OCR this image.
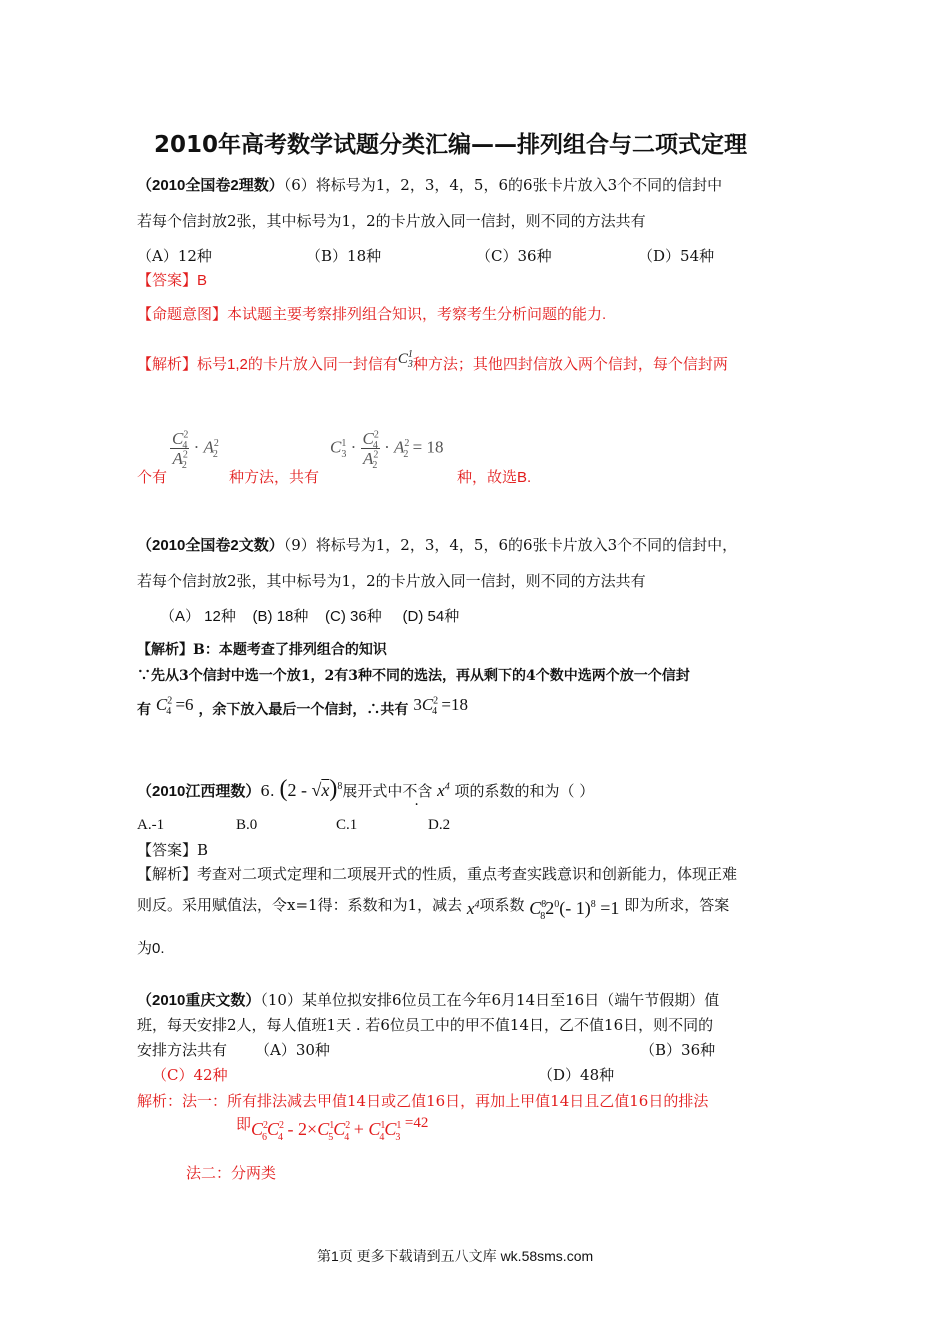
2010年高考数学试题分类汇编——排列组合与二项式定理
（2010全国卷2理数）（6）将标号为1，2，3，4，5，6的6张卡片放入3个不同的信封中
若每个信封放2张，其中标号为1，2的卡片放入同一信封，则不同的方法共有
（A）12种	（B）18种	（C）36种	（D）54种
【答案】B
【命题意图】本试题主要考察排列组合知识，考察考生分析问题的能力.
【解析】标号1,2的卡片放入同一封信有$C^1_3$种方法；其他四封信放入两个信封，每个信封两
$\frac{C^2_4}{A^2_2} \cdot A^2_2$	$C^1_3 \cdot \frac{C^2_4}{A^2_2} \cdot A^2_2 = 18$
个有	种方法，共有	种，故选B.
（2010全国卷2文数）（9）将标号为1，2，3，4，5，6的6张卡片放入3个不同的信封中，
若每个信封放2张，其中标号为1，2的卡片放入同一信封，则不同的方法共有
（A） 12种    (B) 18种    (C) 36种     (D) 54种
【解析】B：本题考查了排列组合的知识
∵先从3个信封中选一个放1，2有3种不同的选法，再从剩下的4个数中选两个放一个信封
有 $C^2_4 =6$ ，余下放入最后一个信封，∴共有 $3C^2_4 =18$
（2010江西理数）6. (2 - √x)$^8$展开式中不含 $x^4$ 项的系数的和为（ ）
A.-1	B.0	C.1	D.2
【答案】B
【解析】考查对二项式定理和二项展开式的性质，重点考查实践意识和创新能力，体现正难
则反。采用赋值法，令x=1得：系数和为1，减去 $x^4$项系数 $C^8_82^0(-$ 1)$^8$ =1 即为所求，答案
为0.
（2010重庆文数）（10）某单位拟安排6位员工在今年6月14日至16日（端午节假期）值
班，每天安排2人，每人值班1天 . 若6位员工中的甲不值14日，乙不值16日，则不同的
安排方法共有 （A）30种	（B）36种
（C）42种	（D）48种
解析：法一：所有排法减去甲值14日或乙值16日，再加上甲值14日且乙值16日的排法
即$C^2_6C^2_4 - 2\times C^1_5C^2_4 + C^1_4C^1_3$ $^{=42}$
法二：分两类
第1页 更多下载请到五八文库 wk.58sms.com
